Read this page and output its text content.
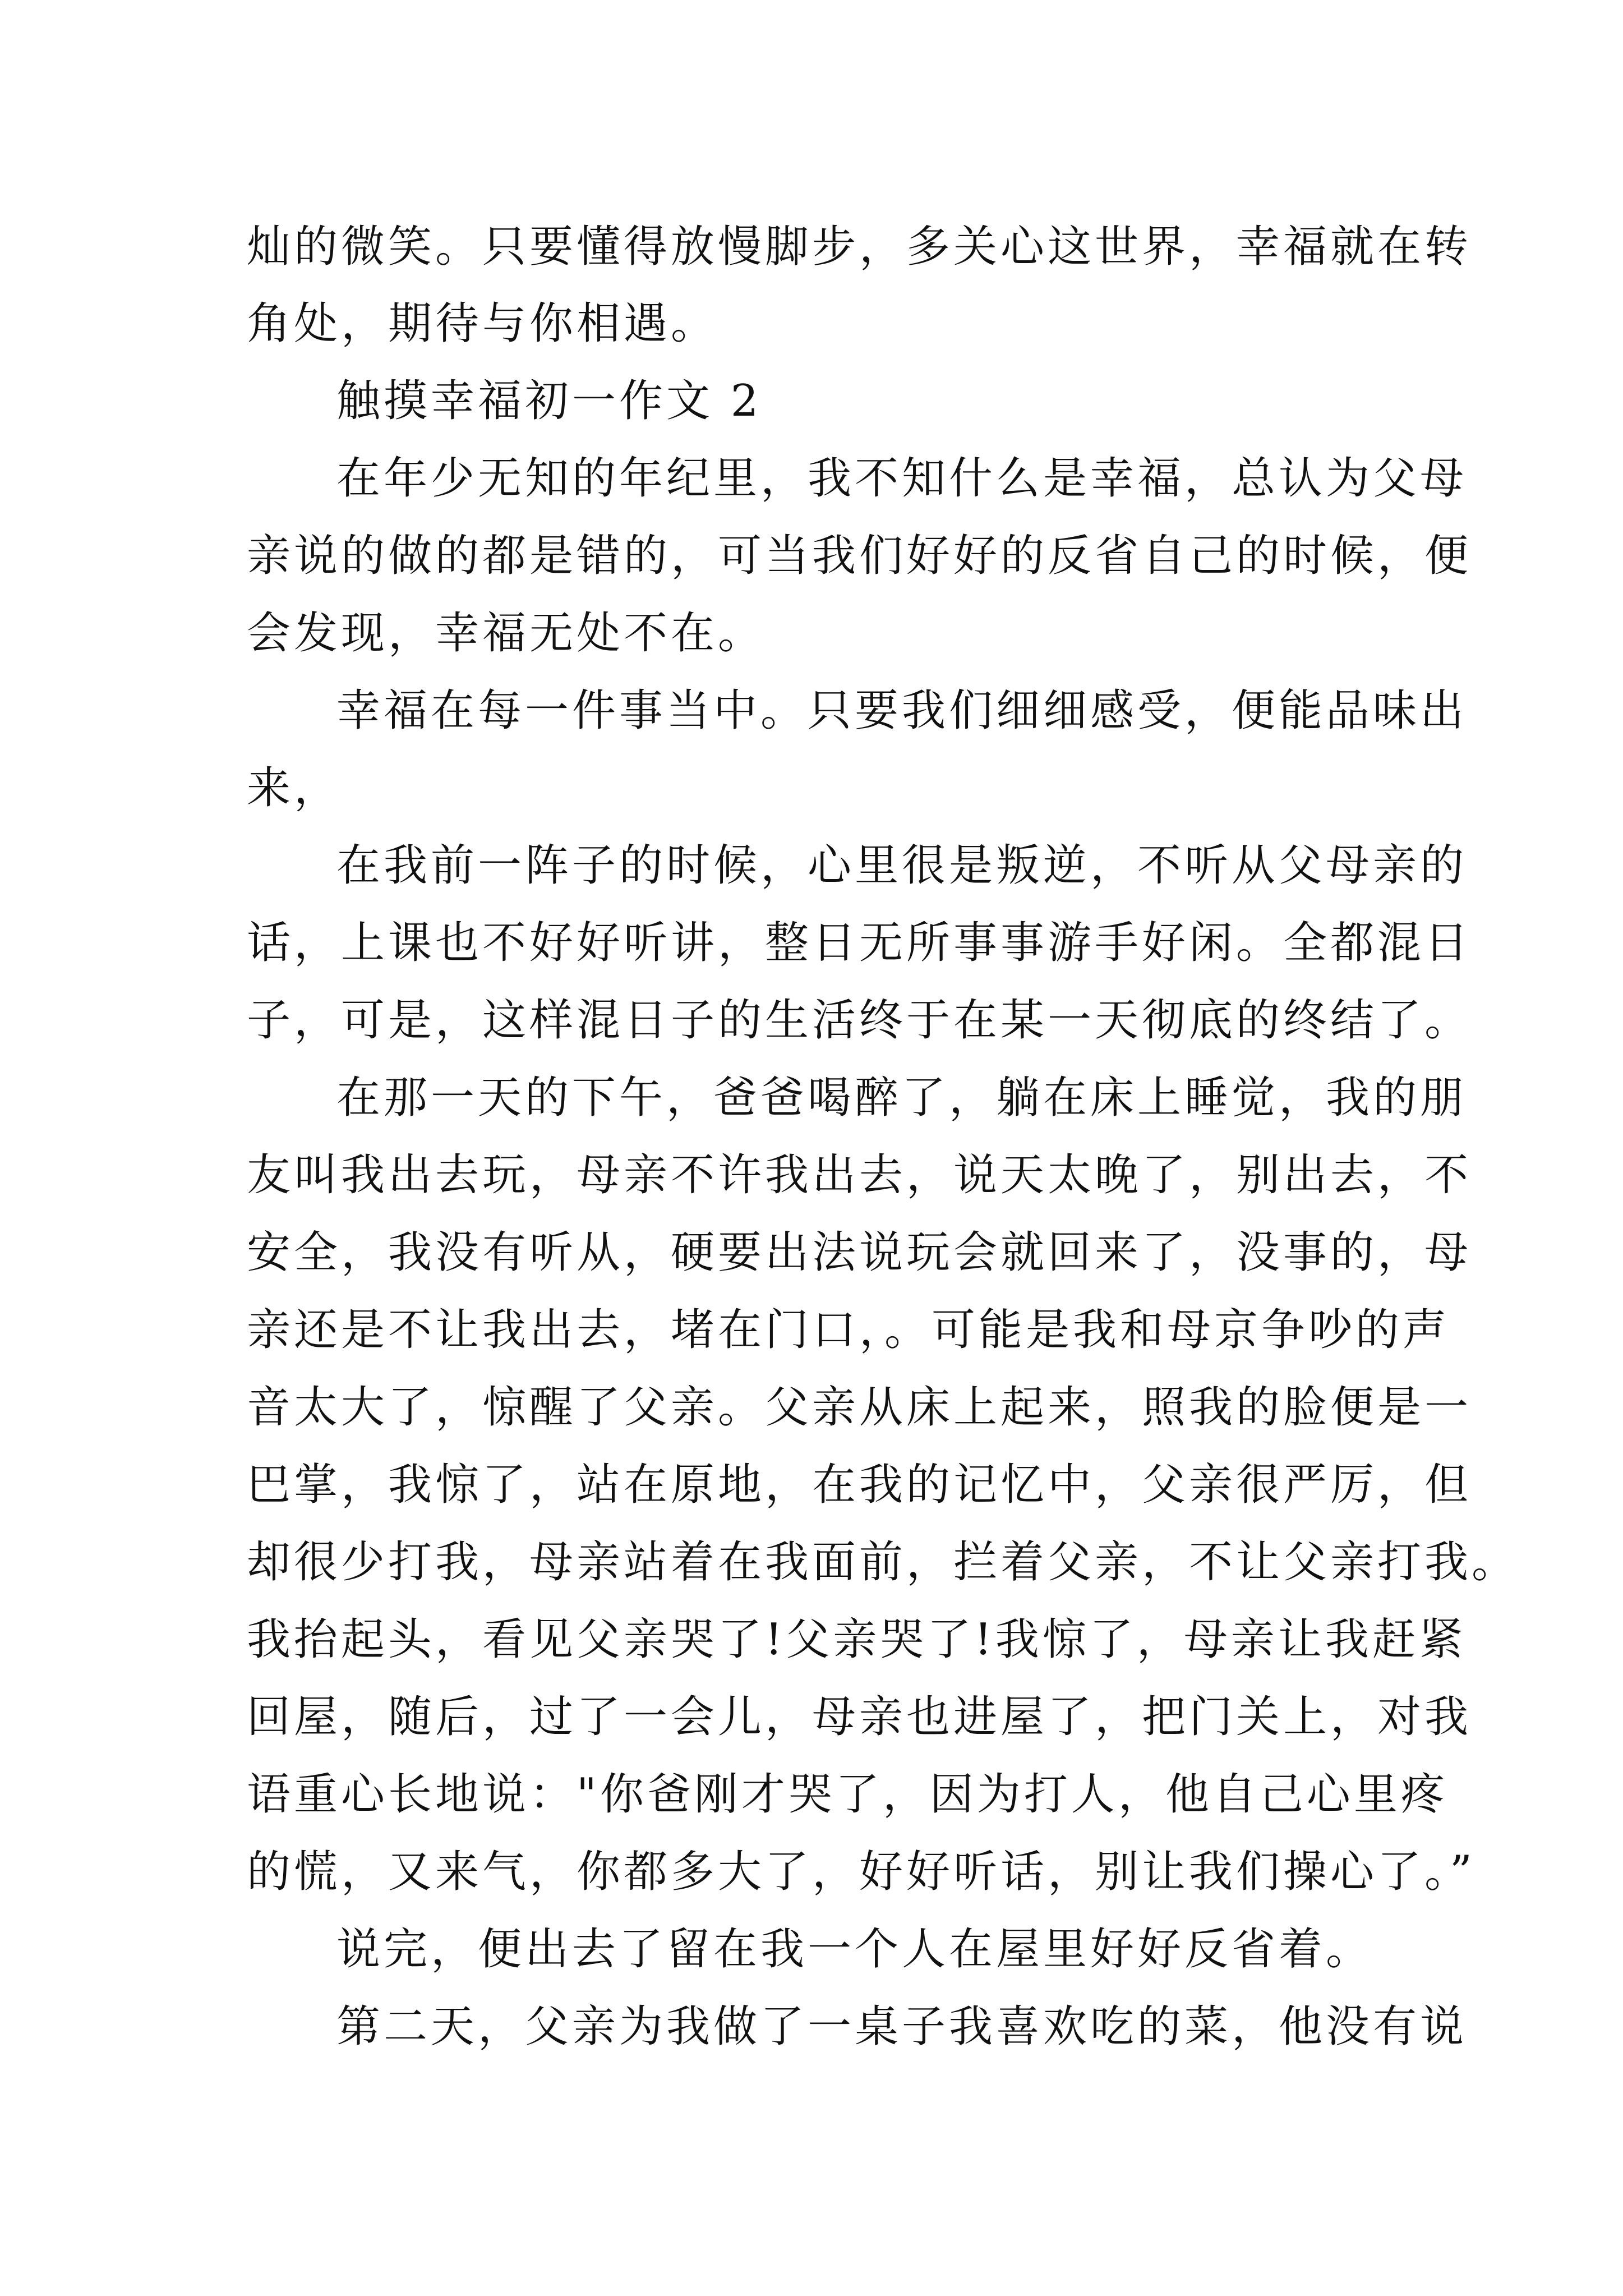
灿的微笑。只要懂得放慢脚步，多关心这世界，幸福就在转
角处，期待与你相遇。
触摸幸福初一作文 2
在年少无知的年纪里，我不知什么是幸福，总认为父母
亲说的做的都是错的，可当我们好好的反省自己的时候，便
会发现，幸福无处不在。
幸福在每一件事当中。只要我们细细感受，便能品味出
来，
在我前一阵子的时候，心里很是叛逆，不听从父母亲的
话，上课也不好好听讲，整日无所事事游手好闲。全都混日
子，可是，这样混日子的生活终于在某一天彻底的终结了。
在那一天的下午，爸爸喝醉了，躺在床上睡觉，我的朋
友叫我出去玩，母亲不许我出去，说天太晚了，别出去，不
安全，我没有听从，硬要出法说玩会就回来了，没事的，母
亲还是不让我出去，堵在门口，。可能是我和母京争吵的声
音太大了，惊醒了父亲。父亲从床上起来，照我的脸便是一
巴掌，我惊了，站在原地，在我的记忆中，父亲很严厉，但
却很少打我，母亲站着在我面前，拦着父亲，不让父亲打我。
我抬起头，看见父亲哭了!父亲哭了!我惊了，母亲让我赶紧
回屋，随后，过了一会儿，母亲也进屋了，把门关上，对我
语重心长地说："你爸刚才哭了，因为打人，他自己心里疼
的慌，又来气，你都多大了，好好听话，别让我们操心了。”
说完，便出去了留在我一个人在屋里好好反省着。
第二天，父亲为我做了一桌子我喜欢吃的菜，他没有说
